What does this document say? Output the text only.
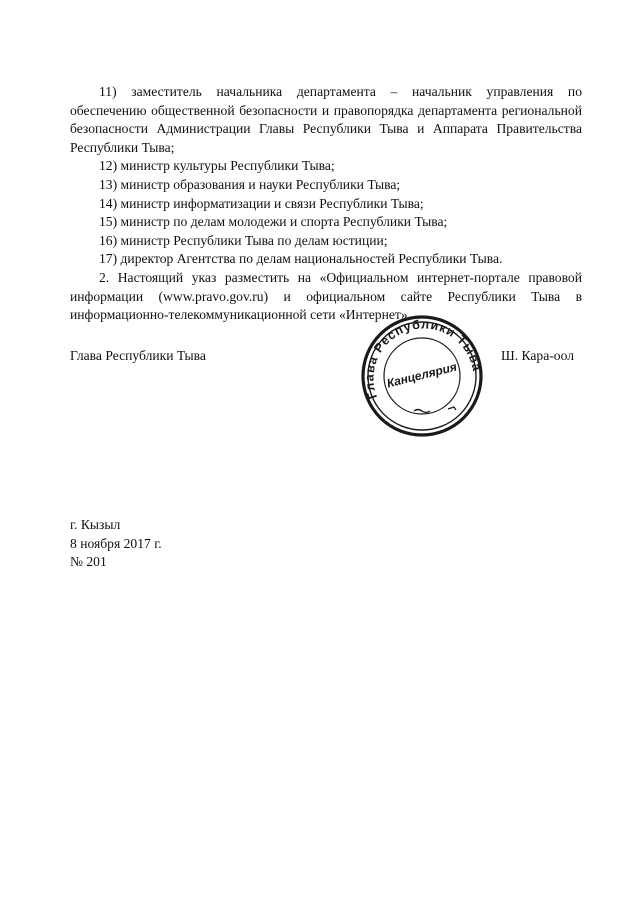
11) заместитель начальника департамента – начальник управления по обеспечению общественной безопасности и правопорядка департамента региональной безопасности Администрации Главы Республики Тыва и Аппарата Правительства Республики Тыва;

12) министр культуры Республики Тыва;
13) министр образования и науки Республики Тыва;
14) министр информатизации и связи Республики Тыва;
15) министр по делам молодежи и спорта Республики Тыва;
16) министр Республики Тыва по делам юстиции;
17) директор Агентства по делам национальностей Республики Тыва.

2. Настоящий указ разместить на «Официальном интернет-портале правовой информации (www.pravo.gov.ru) и официальном сайте Республики Тыва в информационно-телекоммуникационной сети «Интернет».

Глава Республики Тыва
Глава Республики Тыва
Канцелярия
Ш. Кара-оол
г. Кызыл
8 ноября 2017 г.
№ 201
